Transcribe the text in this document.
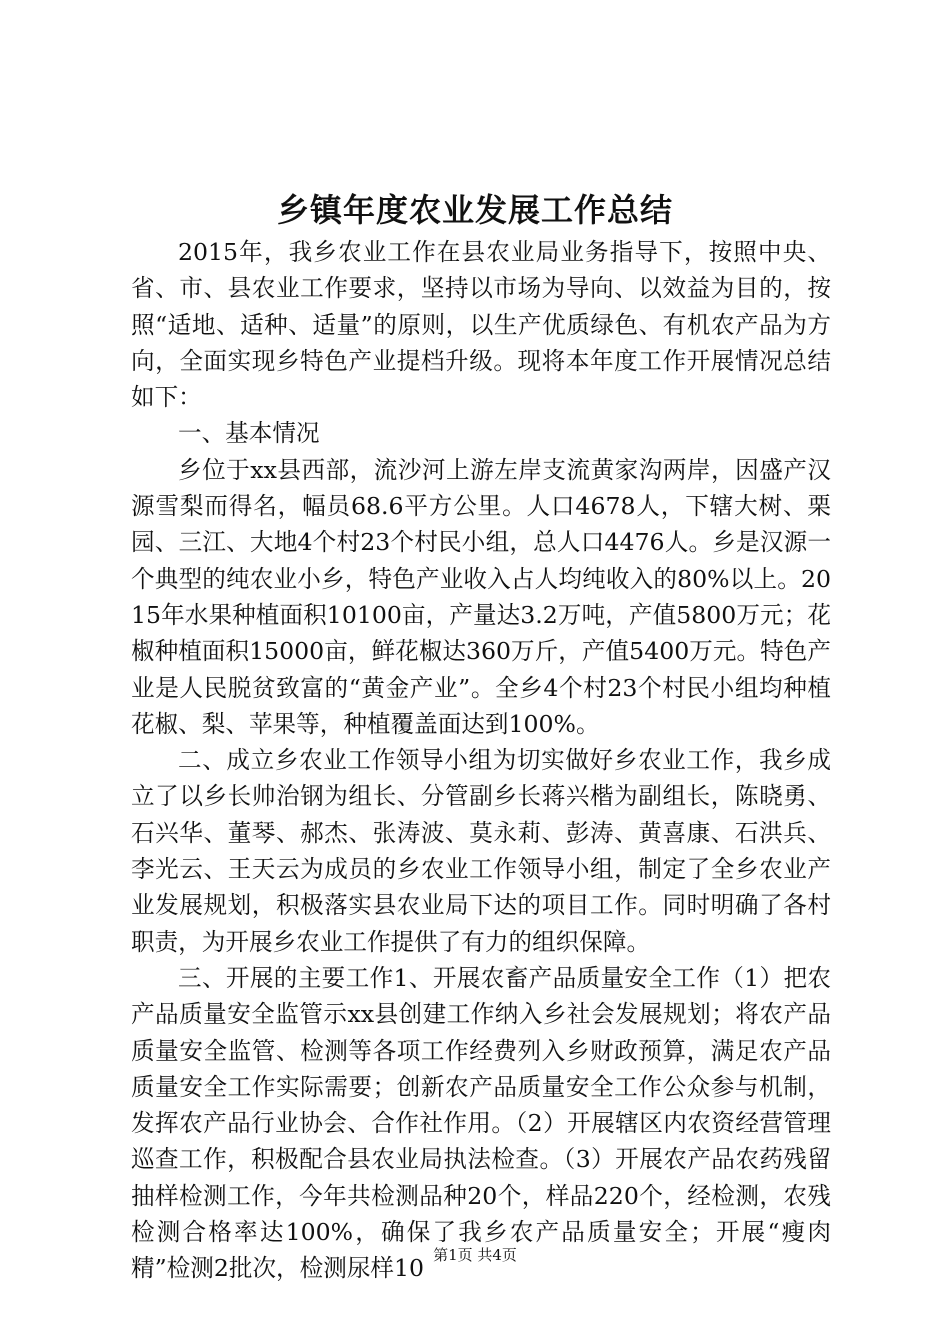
乡镇年度农业发展工作总结

2015年，我乡农业工作在县农业局业务指导下，按照中央、省、市、县农业工作要求，坚持以市场为导向、以效益为目的，按照“适地、适种、适量”的原则，以生产优质绿色、有机农产品为方向，全面实现乡特色产业提档升级。现将本年度工作开展情况总结如下：

一、基本情况

乡位于xx县西部，流沙河上游左岸支流黄家沟两岸，因盛产汉源雪梨而得名，幅员68.6平方公里。人口4678人，下辖大树、栗园、三江、大地4个村23个村民小组，总人口4476人。乡是汉源一个典型的纯农业小乡，特色产业收入占人均纯收入的80%以上。2015年水果种植面积10100亩，产量达3.2万吨，产值5800万元；花椒种植面积15000亩，鲜花椒达360万斤，产值5400万元。特色产业是人民脱贫致富的“黄金产业”。全乡4个村23个村民小组均种植花椒、梨、苹果等，种植覆盖面达到100%。

二、成立乡农业工作领导小组为切实做好乡农业工作，我乡成立了以乡长帅治钢为组长、分管副乡长蒋兴楷为副组长，陈晓勇、石兴华、董琴、郝杰、张涛波、莫永莉、彭涛、黄喜康、石洪兵、李光云、王天云为成员的乡农业工作领导小组，制定了全乡农业产业发展规划，积极落实县农业局下达的项目工作。同时明确了各村职责，为开展乡农业工作提供了有力的组织保障。

三、开展的主要工作1、开展农畜产品质量安全工作（1）把农产品质量安全监管示xx县创建工作纳入乡社会发展规划；将农产品质量安全监管、检测等各项工作经费列入乡财政预算，满足农产品质量安全工作实际需要；创新农产品质量安全工作公众参与机制，发挥农产品行业协会、合作社作用。（2）开展辖区内农资经营管理巡查工作，积极配合县农业局执法检查。（3）开展农产品农药残留抽样检测工作，今年共检测品种20个，样品220个，经检测，农残检测合格率达100%，确保了我乡农产品质量安全；开展“瘦肉精”检测2批次，检测尿样10 第1页 共4页
